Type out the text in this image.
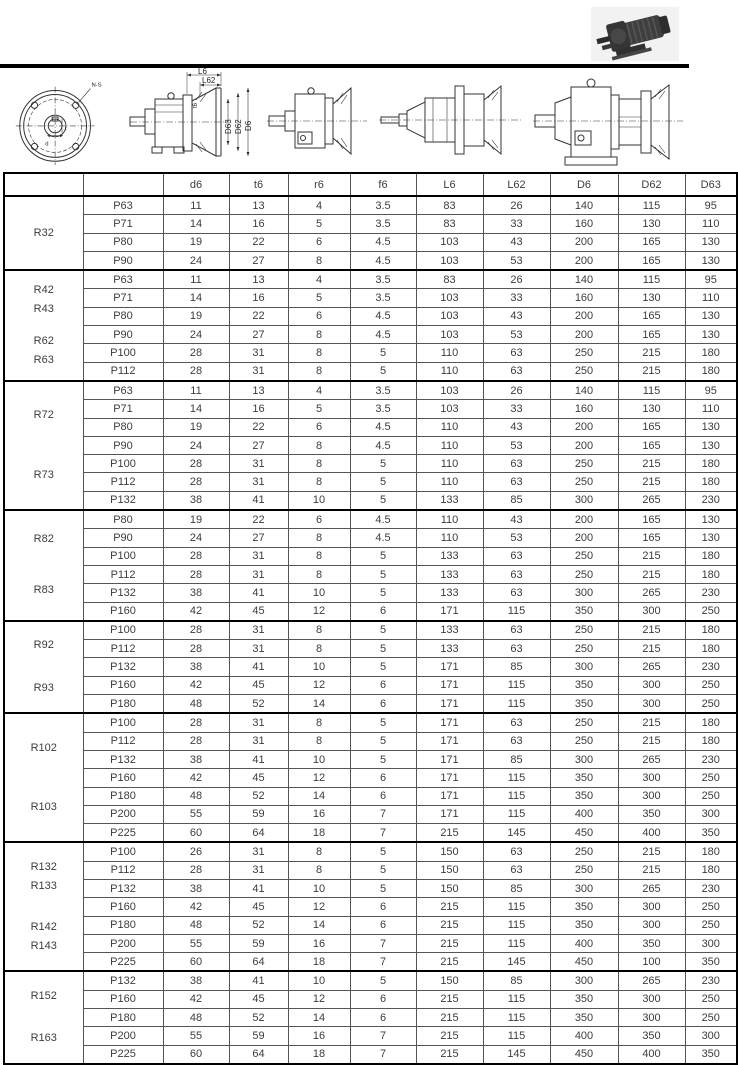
N-S
d
t
L6
L62
t6
D63 D62 D6
		d6	t6	r6	f6	L6	L62	D6	D62	D63

R32	P63	11	13	4	3.5	83	26	140	115	95
	P71	14	16	5	3.5	83	33	160	130	110
	P80	19	22	6	4.5	103	43	200	165	130
	P90	24	27	8	4.5	103	53	200	165	130

R42
R43
R62
R63	P63	11	13	4	3.5	83	26	140	115	95
	P71	14	16	5	3.5	103	33	160	130	110
	P80	19	22	6	4.5	103	43	200	165	130
	P90	24	27	8	4.5	103	53	200	165	130
	P100	28	31	8	5	110	63	250	215	180
	P112	28	31	8	5	110	63	250	215	180

R72
R73	P63	11	13	4	3.5	103	26	140	115	95
	P71	14	16	5	3.5	103	33	160	130	110
	P80	19	22	6	4.5	110	43	200	165	130
	P90	24	27	8	4.5	110	53	200	165	130
	P100	28	31	8	5	110	63	250	215	180
	P112	28	31	8	5	110	63	250	215	180
	P132	38	41	10	5	133	85	300	265	230

R82
R83	P80	19	22	6	4.5	110	43	200	165	130
	P90	24	27	8	4.5	110	53	200	165	130
	P100	28	31	8	5	133	63	250	215	180
	P112	28	31	8	5	133	63	250	215	180
	P132	38	41	10	5	133	63	300	265	230
	P160	42	45	12	6	171	115	350	300	250

R92
R93	P100	28	31	8	5	133	63	250	215	180
	P112	28	31	8	5	133	63	250	215	180
	P132	38	41	10	5	171	85	300	265	230
	P160	42	45	12	6	171	115	350	300	250
	P180	48	52	14	6	171	115	350	300	250

R102
R103	P100	28	31	8	5	171	63	250	215	180
	P112	28	31	8	5	171	63	250	215	180
	P132	38	41	10	5	171	85	300	265	230
	P160	42	45	12	6	171	115	350	300	250
	P180	48	52	14	6	171	115	350	300	250
	P200	55	59	16	7	171	115	400	350	300
	P225	60	64	18	7	215	145	450	400	350

R132
R133
R142
R143	P100	26	31	8	5	150	63	250	215	180
	P112	28	31	8	5	150	63	250	215	180
	P132	38	41	10	5	150	85	300	265	230
	P160	42	45	12	6	215	115	350	300	250
	P180	48	52	14	6	215	115	350	300	250
	P200	55	59	16	7	215	115	400	350	300
	P225	60	64	18	7	215	145	450	100	350

R152
R163	P132	38	41	10	5	150	85	300	265	230
	P160	42	45	12	6	215	115	350	300	250
	P180	48	52	14	6	215	115	350	300	250
	P200	55	59	16	7	215	115	400	350	300
	P225	60	64	18	7	215	145	450	400	350
